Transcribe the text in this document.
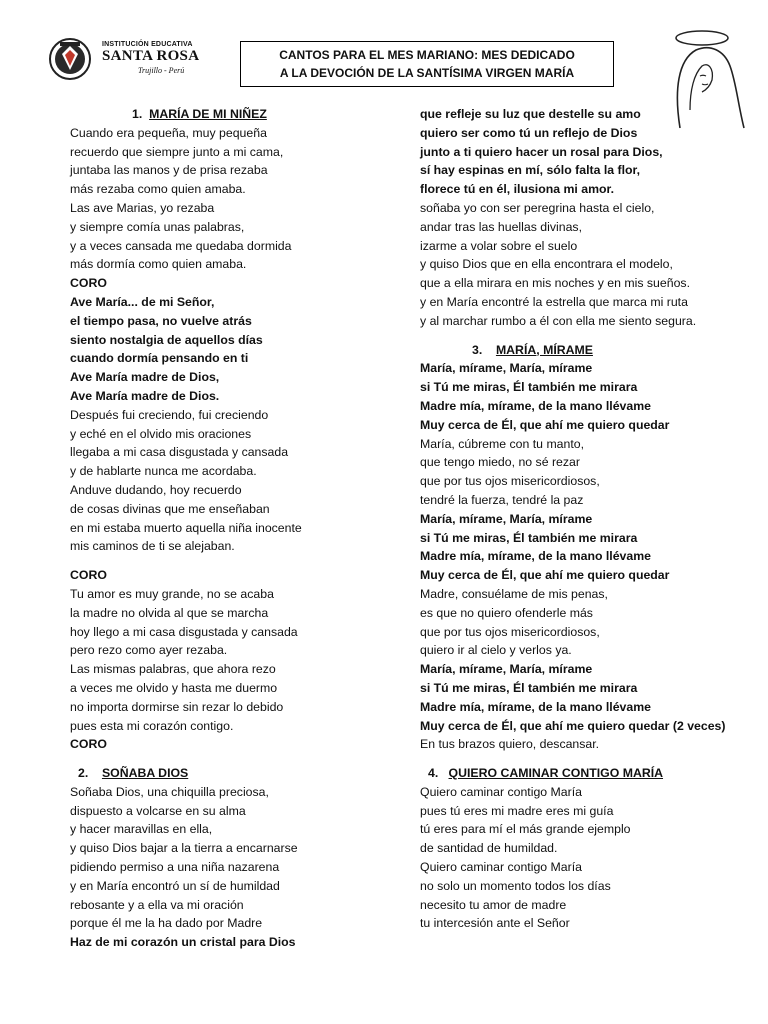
INSTITUCIÓN EDUCATIVA
SANTA ROSA
Trujillo - Perú
CANTOS PARA EL MES MARIANO: MES DEDICADO
A LA DEVOCIÓN DE LA SANTÍSIMA VIRGEN MARÍA
1. MARÍA DE MI NIÑEZ
Cuando era pequeña, muy pequeña
recuerdo que siempre junto a mi cama,
juntaba las manos y de prisa rezaba
más rezaba como quien amaba.
Las ave Marias, yo rezaba
y siempre comía unas palabras,
y a veces cansada me quedaba dormida
más dormía como quien amaba.
CORO
Ave María... de mi Señor,
el tiempo pasa, no vuelve atrás
siento nostalgia de aquellos días
cuando dormía pensando en ti
Ave María madre de Dios,
Ave María madre de Dios.
Después fui creciendo, fui creciendo
y eché en el olvido mis oraciones
llegaba a mi casa disgustada y cansada
y de hablarte nunca me acordaba.
Anduve dudando, hoy recuerdo
de cosas divinas que me enseñaban
en mi estaba muerto aquella niña inocente
mis caminos de ti se alejaban.
CORO
Tu amor es muy grande, no se acaba
la madre no olvida al que se marcha
hoy llego a mi casa disgustada y cansada
pero rezo como ayer rezaba.
Las mismas palabras, que ahora rezo
a veces me olvido y hasta me duermo
no importa dormirse sin rezar lo debido
pues esta mi corazón contigo.
CORO
2. SOÑABA DIOS
Soñaba Dios, una chiquilla preciosa,
dispuesto a volcarse en su alma
y hacer maravillas en ella,
y quiso Dios bajar a la tierra a encarnarse
pidiendo permiso a una niña nazarena
y en María encontró un sí de humildad
rebosante y a ella va mi oración
porque él me la ha dado por Madre
Haz de mi corazón un cristal para Dios
que refleje su luz que destelle su amo
quiero ser como tú un reflejo de Dios
junto a ti quiero hacer un rosal para Dios,
sí hay espinas en mí, sólo falta la flor,
florece tú en él, ilusiona mi amor.
soñaba yo con ser peregrina hasta el cielo,
andar tras las huellas divinas,
izarme a volar sobre el suelo
y quiso Dios que en ella encontrara el modelo,
que a ella mirara en mis noches y en mis sueños.
y en María encontré la estrella que marca mi ruta
y al marchar rumbo a él con ella me siento segura.
3. MARÍA, MÍRAME
María, mírame, María, mírame
si Tú me miras, Él también me mirara
Madre mía, mírame, de la mano llévame
Muy cerca de Él, que ahí me quiero quedar
María, cúbreme con tu manto,
que tengo miedo, no sé rezar
que por tus ojos misericordiosos,
tendré la fuerza, tendré la paz
María, mírame, María, mírame
si Tú me miras, Él también me mirara
Madre mía, mírame, de la mano llévame
Muy cerca de Él, que ahí me quiero quedar
Madre, consuélame de mis penas,
es que no quiero ofenderle más
que por tus ojos misericordiosos,
quiero ir al cielo y verlos ya.
María, mírame, María, mírame
si Tú me miras, Él también me mirara
Madre mía, mírame, de la mano llévame
Muy cerca de Él, que ahí me quiero quedar (2 veces)
En tus brazos quiero, descansar.
4. QUIERO CAMINAR CONTIGO MARÍA
Quiero caminar contigo María
pues tú eres mi madre eres mi guía
tú eres para mí el más grande ejemplo
de santidad de humildad.
Quiero caminar contigo María
no solo un momento todos los días
necesito tu amor de madre
tu intercesión ante el Señor
